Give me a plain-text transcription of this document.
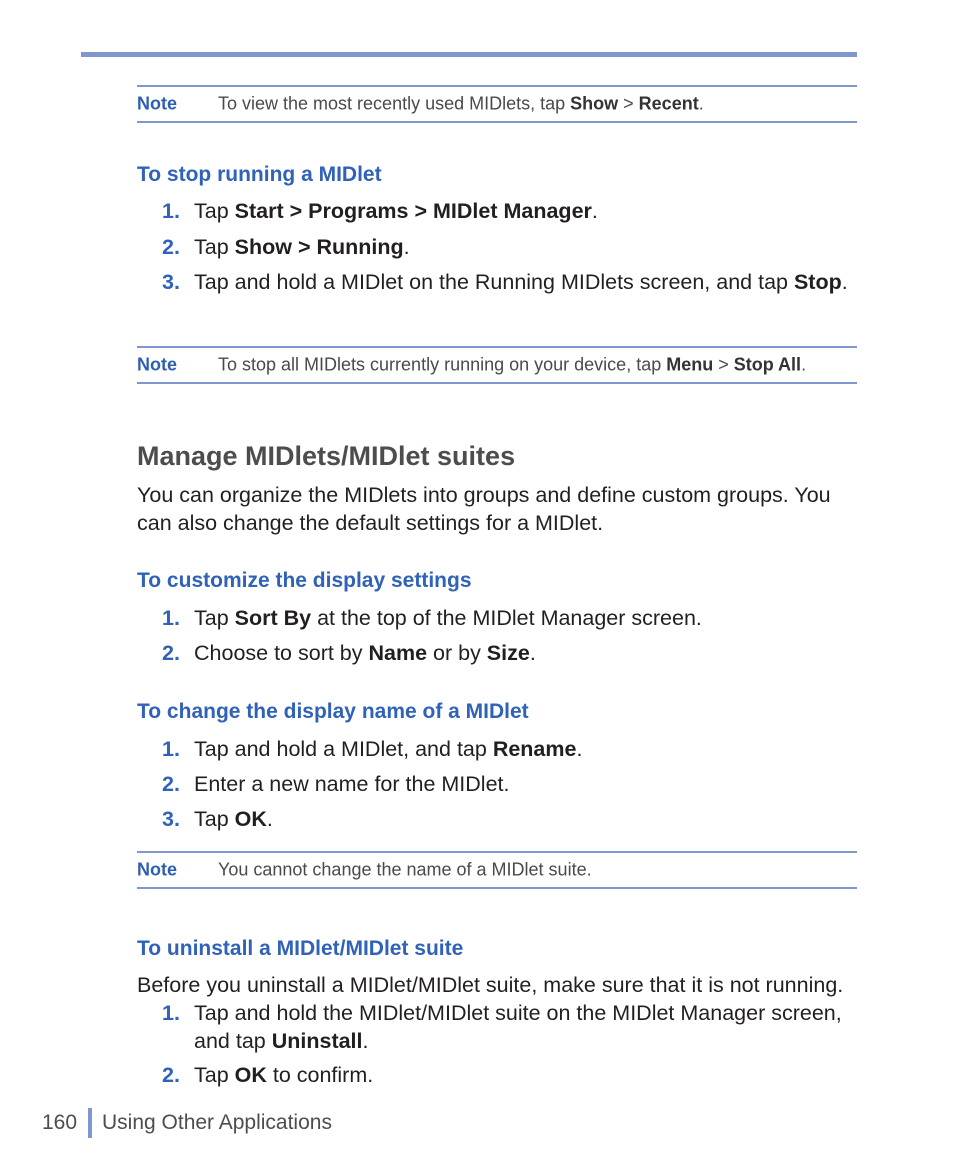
Note To view the most recently used MIDlets, tap Show > Recent.
To stop running a MIDlet
1. Tap Start > Programs > MIDlet Manager.
2. Tap Show > Running.
3. Tap and hold a MIDlet on the Running MIDlets screen, and tap Stop.
Note To stop all MIDlets currently running on your device, tap Menu > Stop All.
Manage MIDlets/MIDlet suites
You can organize the MIDlets into groups and define custom groups. You can also change the default settings for a MIDlet.
To customize the display settings
1. Tap Sort By at the top of the MIDlet Manager screen.
2. Choose to sort by Name or by Size.
To change the display name of a MIDlet
1. Tap and hold a MIDlet, and tap Rename.
2. Enter a new name for the MIDlet.
3. Tap OK.
Note You cannot change the name of a MIDlet suite.
To uninstall a MIDlet/MIDlet suite
Before you uninstall a MIDlet/MIDlet suite, make sure that it is not running.
1. Tap and hold the MIDlet/MIDlet suite on the MIDlet Manager screen, and tap Uninstall.
2. Tap OK to confirm.
160 Using Other Applications
